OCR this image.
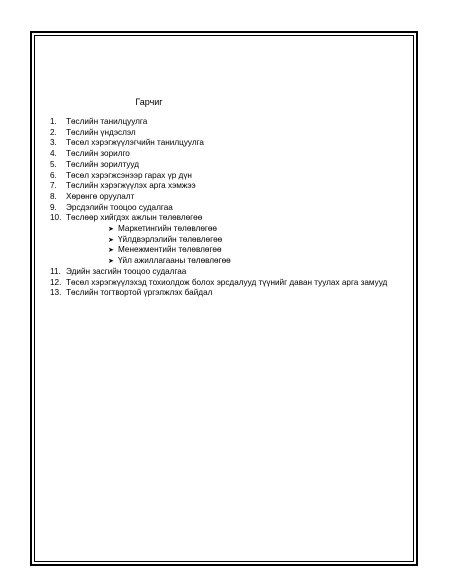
Гарчиг
1. Төслийн танилцуулга
2. Төслийн үндэслэл
3. Төсөл хэрэгжүүлэгчийн танилцуулга
4. Төслийн зорилго
5. Төслийн зорилтууд
6. Төсөл хэрэгжсэнээр гарах үр дүн
7. Төслийн хэрэгжүүлэх арга хэмжээ
8. Хөрөнгө оруулалт
9. Эрсдэлийн тооцоо судалгаа
10. Төслөөр хийгдэх ажлын төлөвлөгөө
➤ Маркетингийн төлөвлөгөө
➤ Үйлдвэрлэлийн төлөвлөгөө
➤ Менежментийн төлөвлөгөө
➤ Үйл ажиллагааны төлөвлөгөө
11. Эдийн засгийн тооцоо судалгаа
12. Төсөл хэрэгжүүлэхэд тохиолдож болох эрсдалууд түүнийг даван туулах арга замууд
13. Төслийн тогтвортой үргэлжлэх байдал
